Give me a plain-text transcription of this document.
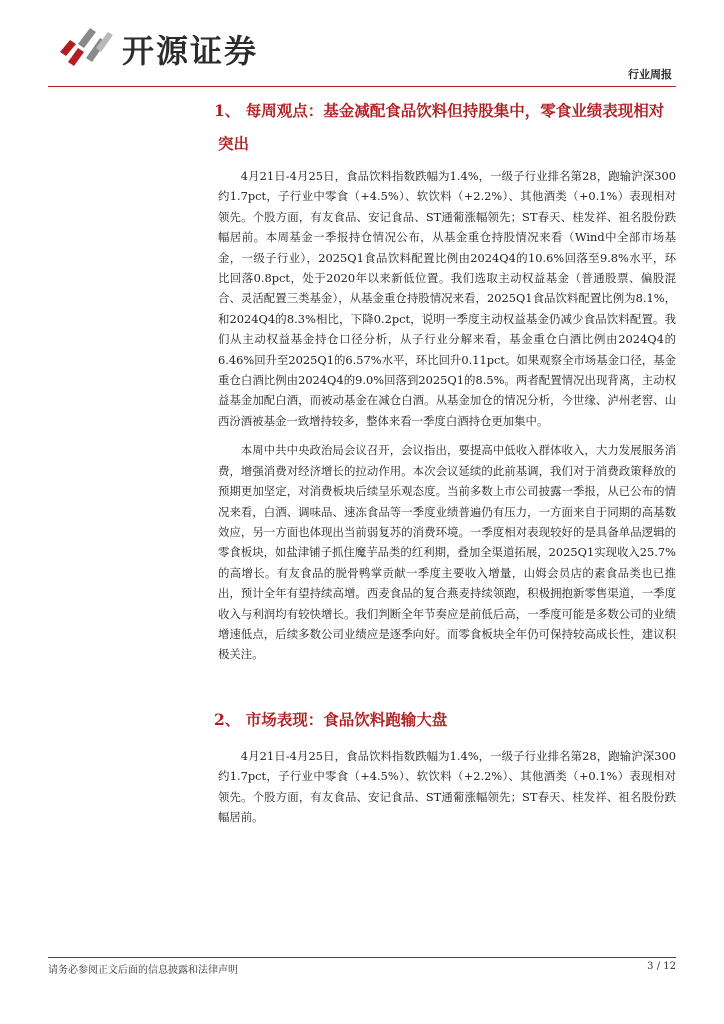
开源证券
行业周报
1、 每周观点：基金减配食品饮料但持股集中，零食业绩表现相对突出

4月21日-4月25日，食品饮料指数跌幅为1.4%，一级子行业排名第28，跑输沪深300约1.7pct，子行业中零食（+4.5%）、软饮料（+2.2%）、其他酒类（+0.1%）表现相对领先。个股方面，有友食品、安记食品、ST通葡涨幅领先；ST春天、桂发祥、祖名股份跌幅居前。本周基金一季报持仓情况公布，从基金重仓持股情况来看（Wind中全部市场基金，一级子行业），2025Q1食品饮料配置比例由2024Q4的10.6%回落至9.8%水平，环比回落0.8pct，处于2020年以来新低位置。我们选取主动权益基金（普通股票、偏股混合、灵活配置三类基金），从基金重仓持股情况来看，2025Q1食品饮料配置比例为8.1%，和2024Q4的8.3%相比，下降0.2pct，说明一季度主动权益基金仍减少食品饮料配置。我们从主动权益基金持仓口径分析，从子行业分解来看，基金重仓白酒比例由2024Q4的6.46%回升至2025Q1的6.57%水平，环比回升0.11pct。如果观察全市场基金口径，基金重仓白酒比例由2024Q4的9.0%回落到2025Q1的8.5%。两者配置情况出现背离，主动权益基金加配白酒，而被动基金在减仓白酒。从基金加仓的情况分析，今世缘、泸州老窖、山西汾酒被基金一致增持较多，整体来看一季度白酒持仓更加集中。

本周中共中央政治局会议召开，会议指出，要提高中低收入群体收入，大力发展服务消费，增强消费对经济增长的拉动作用。本次会议延续的此前基调，我们对于消费政策释放的预期更加坚定，对消费板块后续呈乐观态度。当前多数上市公司披露一季报，从已公布的情况来看，白酒、调味品、速冻食品等一季度业绩普遍仍有压力，一方面来自于同期的高基数效应，另一方面也体现出当前弱复苏的消费环境。一季度相对表现较好的是具备单品逻辑的零食板块，如盐津铺子抓住魔芋品类的红利期，叠加全渠道拓展，2025Q1实现收入25.7%的高增长。有友食品的脱骨鸭掌贡献一季度主要收入增量，山姆会员店的素食品类也已推出，预计全年有望持续高增。西麦食品的复合燕麦持续领跑，积极拥抱新零售渠道，一季度收入与利润均有较快增长。我们判断全年节奏应是前低后高，一季度可能是多数公司的业绩增速低点，后续多数公司业绩应是逐季向好。而零食板块全年仍可保持较高成长性，建议积极关注。

2、 市场表现：食品饮料跑输大盘

4月21日-4月25日，食品饮料指数跌幅为1.4%，一级子行业排名第28，跑输沪深300约1.7pct，子行业中零食（+4.5%）、软饮料（+2.2%）、其他酒类（+0.1%）表现相对领先。个股方面，有友食品、安记食品、ST通葡涨幅领先；ST春天、桂发祥、祖名股份跌幅居前。

请务必参阅正文后面的信息披露和法律声明	3 / 12
